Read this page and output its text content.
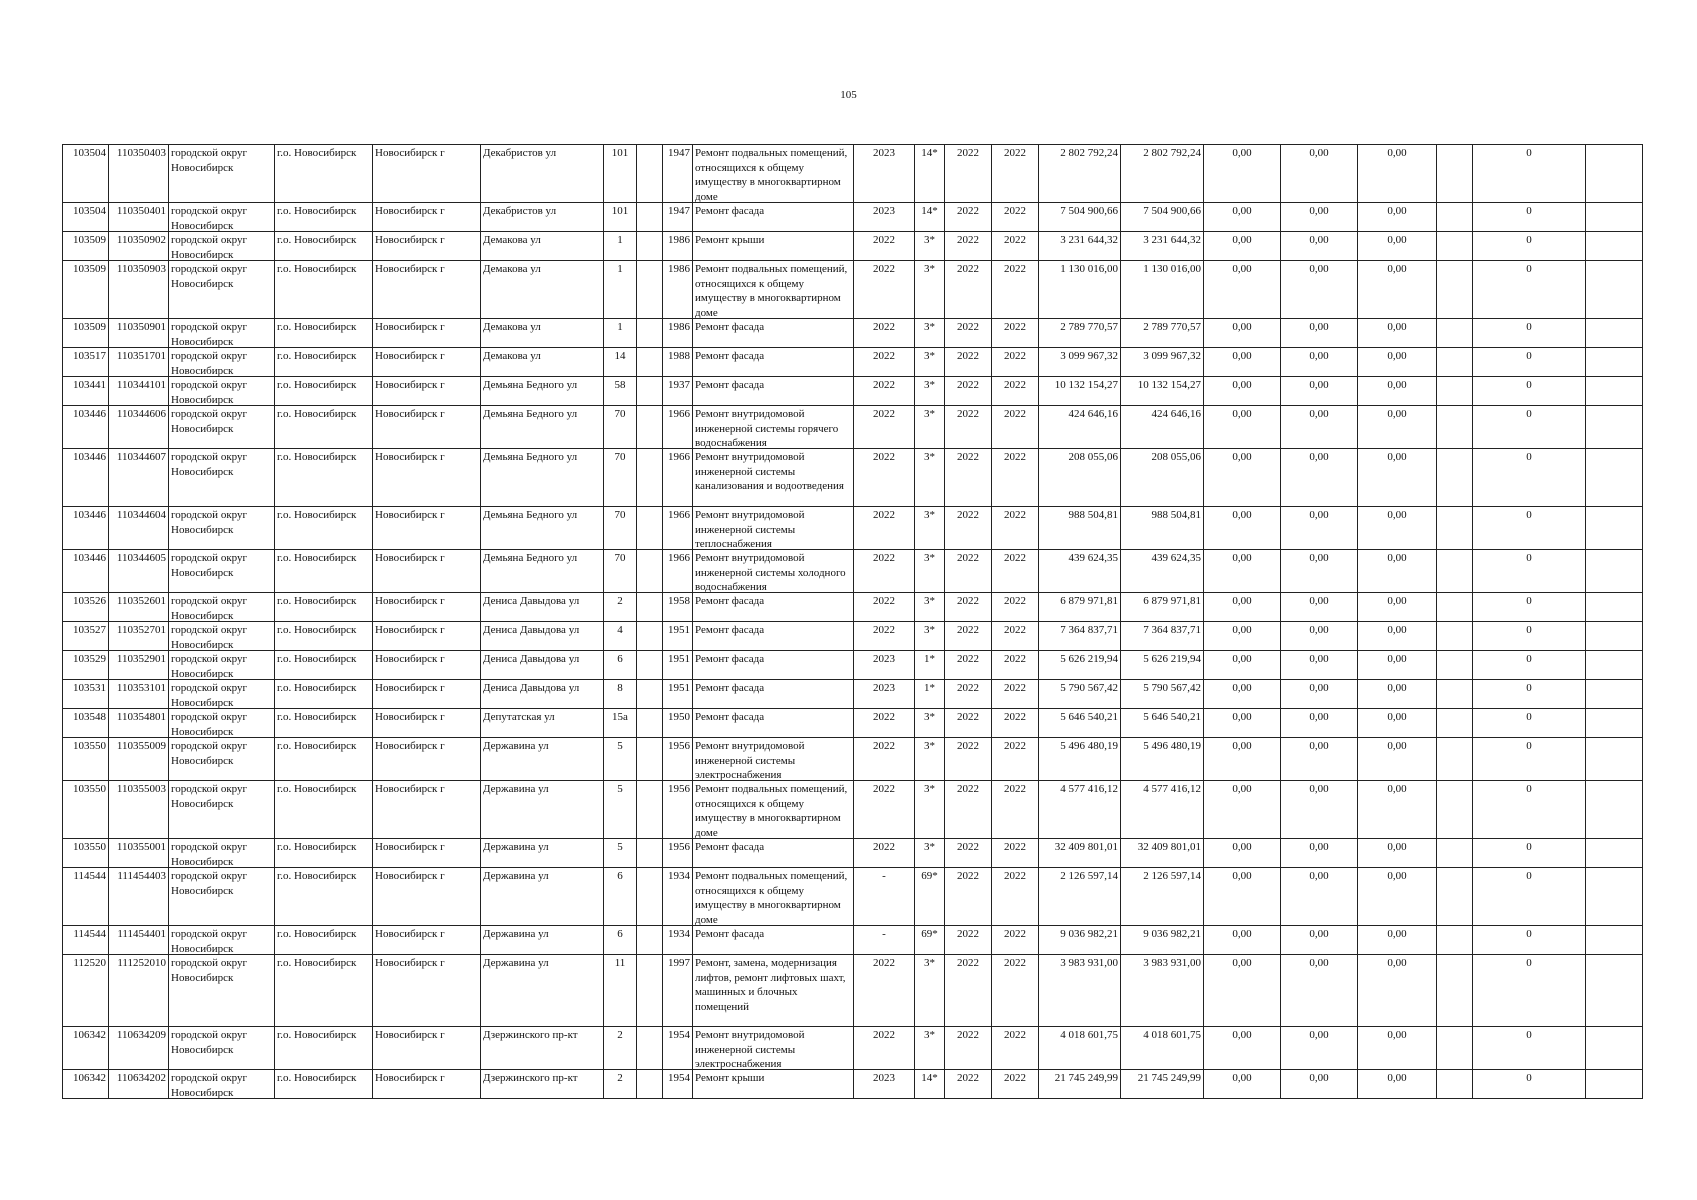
105
103504	110350403	городской округ Новосибирск	г.о. Новосибирск	Новосибирск г	Декабристов ул	101		1947	Ремонт подвальных помещений, относящихся к общему имуществу в многоквартирном доме	2023	14*	2022	2022	2 802 792,24	2 802 792,24	0,00	0,00	0,00		0	

103504	110350401	городской округ Новосибирск	г.о. Новосибирск	Новосибирск г	Декабристов ул	101		1947	Ремонт фасада	2023	14*	2022	2022	7 504 900,66	7 504 900,66	0,00	0,00	0,00		0	

103509	110350902	городской округ Новосибирск	г.о. Новосибирск	Новосибирск г	Демакова ул	1		1986	Ремонт крыши	2022	3*	2022	2022	3 231 644,32	3 231 644,32	0,00	0,00	0,00		0	

103509	110350903	городской округ Новосибирск	г.о. Новосибирск	Новосибирск г	Демакова ул	1		1986	Ремонт подвальных помещений, относящихся к общему имуществу в многоквартирном доме	2022	3*	2022	2022	1 130 016,00	1 130 016,00	0,00	0,00	0,00		0	

103509	110350901	городской округ Новосибирск	г.о. Новосибирск	Новосибирск г	Демакова ул	1		1986	Ремонт фасада	2022	3*	2022	2022	2 789 770,57	2 789 770,57	0,00	0,00	0,00		0	

103517	110351701	городской округ Новосибирск	г.о. Новосибирск	Новосибирск г	Демакова ул	14		1988	Ремонт фасада	2022	3*	2022	2022	3 099 967,32	3 099 967,32	0,00	0,00	0,00		0	

103441	110344101	городской округ Новосибирск	г.о. Новосибирск	Новосибирск г	Демьяна Бедного ул	58		1937	Ремонт фасада	2022	3*	2022	2022	10 132 154,27	10 132 154,27	0,00	0,00	0,00		0	

103446	110344606	городской округ Новосибирск	г.о. Новосибирск	Новосибирск г	Демьяна Бедного ул	70		1966	Ремонт внутридомовой инженерной системы горячего водоснабжения	2022	3*	2022	2022	424 646,16	424 646,16	0,00	0,00	0,00		0	

103446	110344607	городской округ Новосибирск	г.о. Новосибирск	Новосибирск г	Демьяна Бедного ул	70		1966	Ремонт внутридомовой инженерной системы канализования и водоотведения	2022	3*	2022	2022	208 055,06	208 055,06	0,00	0,00	0,00		0	

103446	110344604	городской округ Новосибирск	г.о. Новосибирск	Новосибирск г	Демьяна Бедного ул	70		1966	Ремонт внутридомовой инженерной системы теплоснабжения	2022	3*	2022	2022	988 504,81	988 504,81	0,00	0,00	0,00		0	

103446	110344605	городской округ Новосибирск	г.о. Новосибирск	Новосибирск г	Демьяна Бедного ул	70		1966	Ремонт внутридомовой инженерной системы холодного водоснабжения	2022	3*	2022	2022	439 624,35	439 624,35	0,00	0,00	0,00		0	

103526	110352601	городской округ Новосибирск	г.о. Новосибирск	Новосибирск г	Дениса Давыдова ул	2		1958	Ремонт фасада	2022	3*	2022	2022	6 879 971,81	6 879 971,81	0,00	0,00	0,00		0	

103527	110352701	городской округ Новосибирск	г.о. Новосибирск	Новосибирск г	Дениса Давыдова ул	4		1951	Ремонт фасада	2022	3*	2022	2022	7 364 837,71	7 364 837,71	0,00	0,00	0,00		0	

103529	110352901	городской округ Новосибирск	г.о. Новосибирск	Новосибирск г	Дениса Давыдова ул	6		1951	Ремонт фасада	2023	1*	2022	2022	5 626 219,94	5 626 219,94	0,00	0,00	0,00		0	

103531	110353101	городской округ Новосибирск	г.о. Новосибирск	Новосибирск г	Дениса Давыдова ул	8		1951	Ремонт фасада	2023	1*	2022	2022	5 790 567,42	5 790 567,42	0,00	0,00	0,00		0	

103548	110354801	городской округ Новосибирск	г.о. Новосибирск	Новосибирск г	Депутатская ул	15а		1950	Ремонт фасада	2022	3*	2022	2022	5 646 540,21	5 646 540,21	0,00	0,00	0,00		0	

103550	110355009	городской округ Новосибирск	г.о. Новосибирск	Новосибирск г	Державина ул	5		1956	Ремонт внутридомовой инженерной системы электроснабжения	2022	3*	2022	2022	5 496 480,19	5 496 480,19	0,00	0,00	0,00		0	

103550	110355003	городской округ Новосибирск	г.о. Новосибирск	Новосибирск г	Державина ул	5		1956	Ремонт подвальных помещений, относящихся к общему имуществу в многоквартирном доме	2022	3*	2022	2022	4 577 416,12	4 577 416,12	0,00	0,00	0,00		0	

103550	110355001	городской округ Новосибирск	г.о. Новосибирск	Новосибирск г	Державина ул	5		1956	Ремонт фасада	2022	3*	2022	2022	32 409 801,01	32 409 801,01	0,00	0,00	0,00		0	

114544	111454403	городской округ Новосибирск	г.о. Новосибирск	Новосибирск г	Державина ул	6		1934	Ремонт подвальных помещений, относящихся к общему имуществу в многоквартирном доме	-	69*	2022	2022	2 126 597,14	2 126 597,14	0,00	0,00	0,00		0	

114544	111454401	городской округ Новосибирск	г.о. Новосибирск	Новосибирск г	Державина ул	6		1934	Ремонт фасада	-	69*	2022	2022	9 036 982,21	9 036 982,21	0,00	0,00	0,00		0	

112520	111252010	городской округ Новосибирск	г.о. Новосибирск	Новосибирск г	Державина ул	11		1997	Ремонт, замена, модернизация лифтов, ремонт лифтовых шахт, машинных и блочных помещений	2022	3*	2022	2022	3 983 931,00	3 983 931,00	0,00	0,00	0,00		0	

106342	110634209	городской округ Новосибирск	г.о. Новосибирск	Новосибирск г	Дзержинского пр-кт	2		1954	Ремонт внутридомовой инженерной системы электроснабжения	2022	3*	2022	2022	4 018 601,75	4 018 601,75	0,00	0,00	0,00		0	

106342	110634202	городской округ Новосибирск	г.о. Новосибирск	Новосибирск г	Дзержинского пр-кт	2		1954	Ремонт крыши	2023	14*	2022	2022	21 745 249,99	21 745 249,99	0,00	0,00	0,00		0	
